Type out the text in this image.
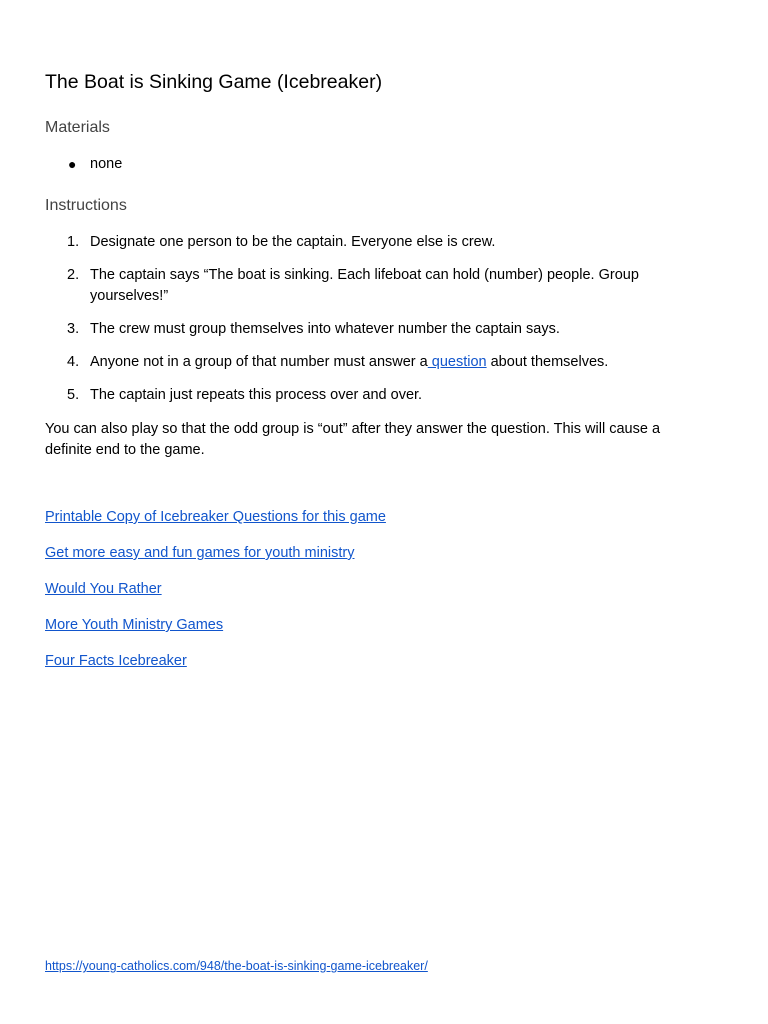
The Boat is Sinking Game (Icebreaker)
Materials
● none
Instructions
1. Designate one person to be the captain. Everyone else is crew.
2. The captain says “The boat is sinking. Each lifeboat can hold (number) people. Group yourselves!”
3. The crew must group themselves into whatever number the captain says.
4. Anyone not in a group of that number must answer a question about themselves.
5. The captain just repeats this process over and over.

You can also play so that the odd group is “out” after they answer the question. This will cause a definite end to the game.

Printable Copy of Icebreaker Questions for this game
Get more easy and fun games for youth ministry
Would You Rather
More Youth Ministry Games
Four Facts Icebreaker
https://young-catholics.com/948/the-boat-is-sinking-game-icebreaker/
